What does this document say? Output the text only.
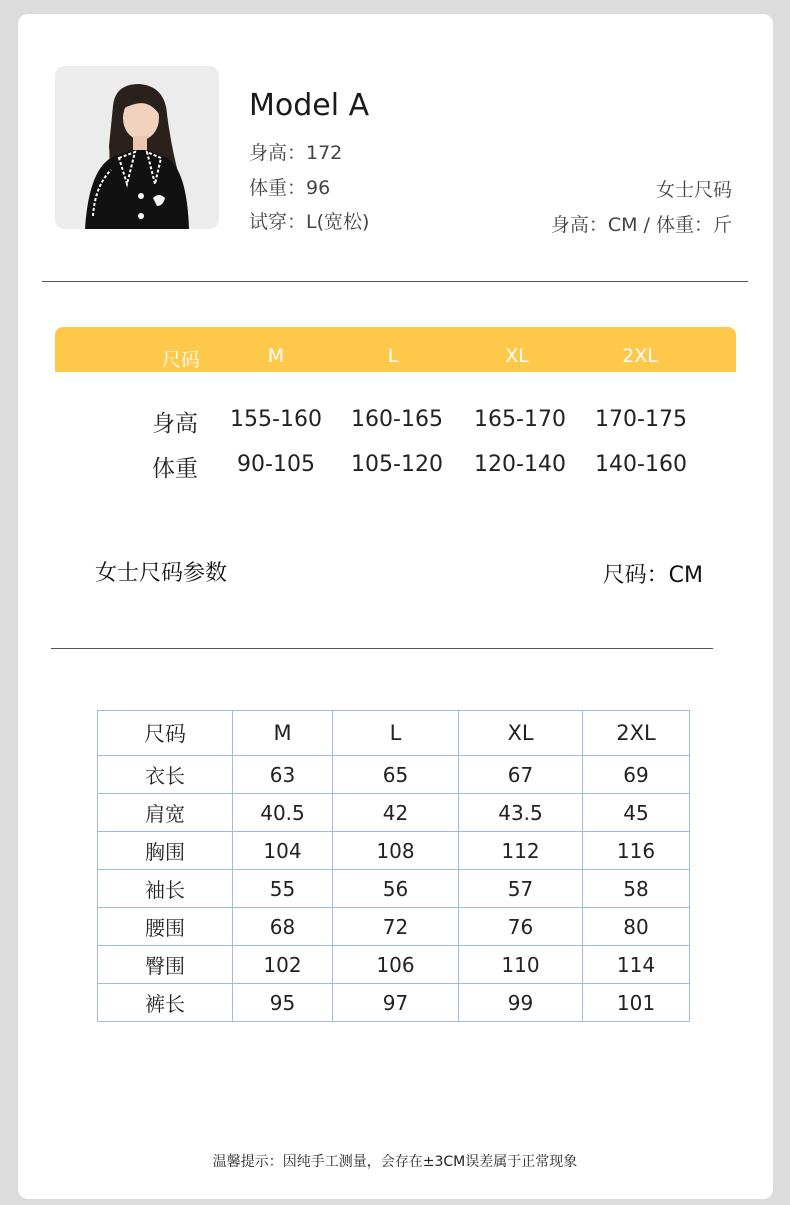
Model A
身高：172
体重：96
试穿：L(宽松)
女士尺码
身高：CM / 体重：斤
尺码	M	L	XL	2XL
身高 155-160 160-165 165-170 170-175
体重 90-105 105-120 120-140 140-160
女士尺码参数	尺码：CM
尺码	M	L	XL	2XL
衣长	63	65	67	69
肩宽	40.5	42	43.5	45
胸围	104	108	112	116
袖长	55	56	57	58
腰围	68	72	76	80
臀围	102	106	110	114
裤长	95	97	99	101
温馨提示：因纯手工测量，会存在±3CM误差属于正常现象
